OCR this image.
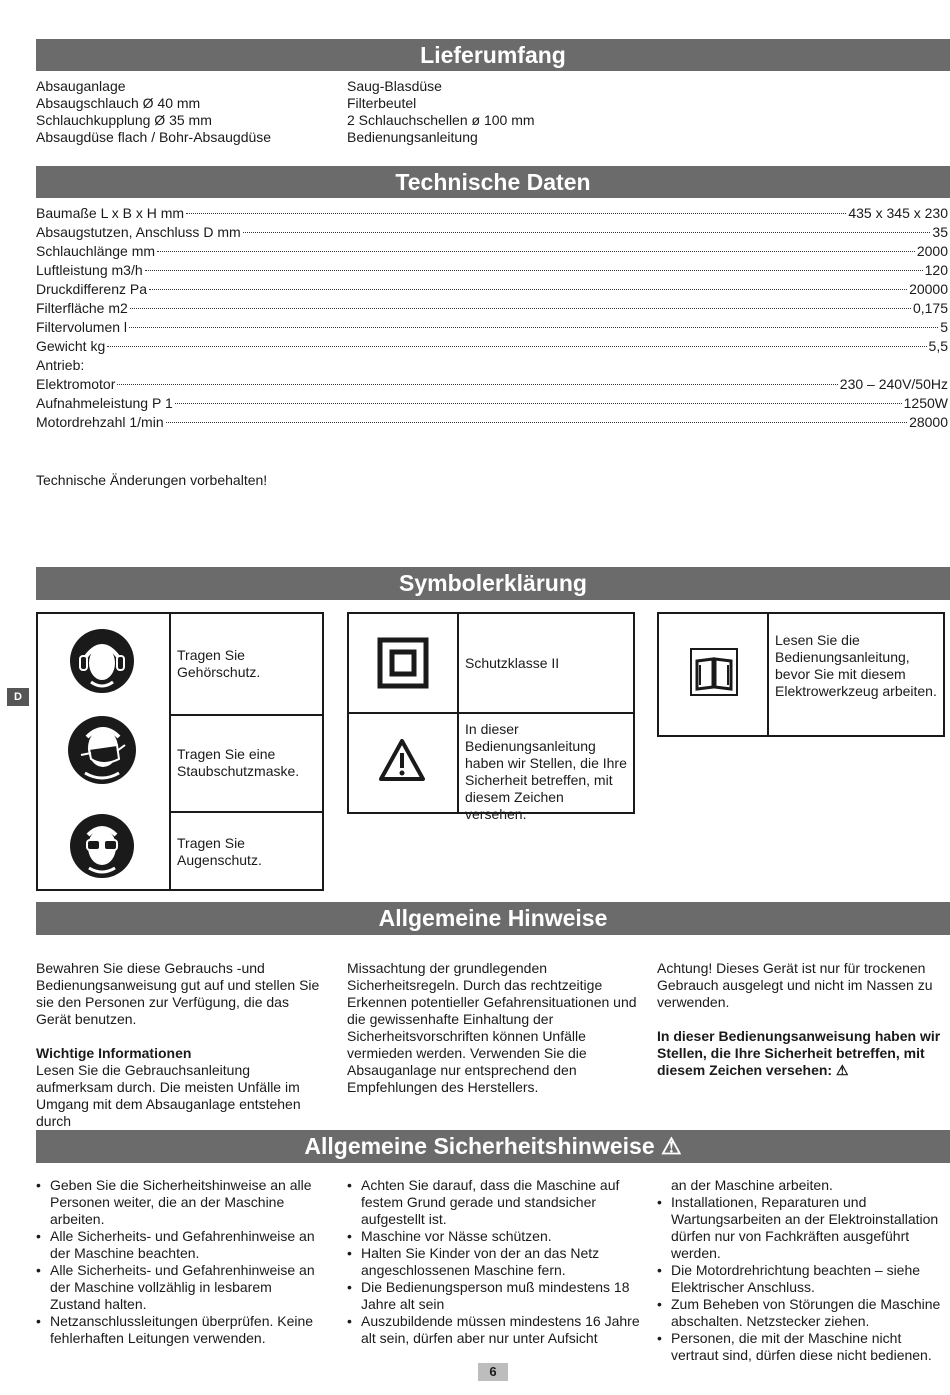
Lieferumfang
Absauganlage
Absaugschlauch Ø 40 mm
Schlauchkupplung Ø 35 mm
Absaugdüse flach / Bohr-Absaugdüse
Saug-Blasdüse
Filterbeutel
2 Schlauchschellen ø 100 mm
Bedienungsanleitung
Technische Daten
Baumaße L x B x H mm	435 x 345 x 230
Absaugstutzen, Anschluss D mm	35
Schlauchlänge mm	2000
Luftleistung m3/h	120
Druckdifferenz Pa	20000
Filterfläche m2	0,175
Filtervolumen l	5
Gewicht kg	5,5
Antrieb:
Elektromotor	230 – 240V/50Hz
Aufnahmeleistung P 1	1250W
Motordrehzahl 1/min	28000
Technische Änderungen vorbehalten!
Symbolerklärung
D
Tragen Sie Gehörschutz.
Tragen Sie eine Staubschutzmaske.
Tragen Sie Augenschutz.
Schutzklasse II
In dieser Bedienungsanleitung haben wir Stellen, die Ihre Sicherheit betreffen, mit diesem Zeichen versehen.
Lesen Sie die Bedienungsanleitung, bevor Sie mit diesem Elektrowerkzeug arbeiten.
Allgemeine Hinweise
Bewahren Sie diese Gebrauchs -und Bedienungsanweisung gut auf und stellen Sie sie den Personen zur Verfügung, die das Gerät benutzen.
Wichtige Informationen
Lesen Sie die Gebrauchsanleitung aufmerksam durch. Die meisten Unfälle im Umgang mit dem Absauganlage entstehen durch
Missachtung der grundlegenden Sicherheitsregeln. Durch das rechtzeitige Erkennen potentieller Gefahrensituationen und die gewissenhafte Einhaltung der Sicherheitsvorschriften können Unfälle vermieden werden. Verwenden Sie die Absauganlage nur entsprechend den Empfehlungen des Herstellers.
Achtung! Dieses Gerät ist nur für trockenen Gebrauch ausgelegt und nicht im Nassen zu verwenden.
In dieser Bedienungsanweisung haben wir Stellen, die Ihre Sicherheit betreffen, mit diesem Zeichen versehen: ⚠
Allgemeine Sicherheitshinweise ⚠
• Geben Sie die Sicherheitshinweise an alle Personen weiter, die an der Maschine arbeiten.
• Alle Sicherheits- und Gefahrenhinweise an der Maschine beachten.
• Alle Sicherheits- und Gefahrenhinweise an der Maschine vollzählig in lesbarem Zustand halten.
• Netzanschlussleitungen überprüfen. Keine fehlerhaften Leitungen verwenden.
• Achten Sie darauf, dass die Maschine auf festem Grund gerade und standsicher aufgestellt ist.
• Maschine vor Nässe schützen.
• Halten Sie Kinder von der an das Netz angeschlossenen Maschine fern.
• Die Bedienungsperson muß mindestens 18 Jahre alt sein
• Auszubildende müssen mindestens 16 Jahre alt sein, dürfen aber nur unter Aufsicht
an der Maschine arbeiten.
• Installationen, Reparaturen und Wartungsarbeiten an der Elektroinstallation dürfen nur von Fachkräften ausgeführt werden.
• Die Motordrehrichtung beachten – siehe Elektrischer Anschluss.
• Zum Beheben von Störungen die Maschine abschalten. Netzstecker ziehen.
• Personen, die mit der Maschine nicht vertraut sind, dürfen diese nicht bedienen.
6
